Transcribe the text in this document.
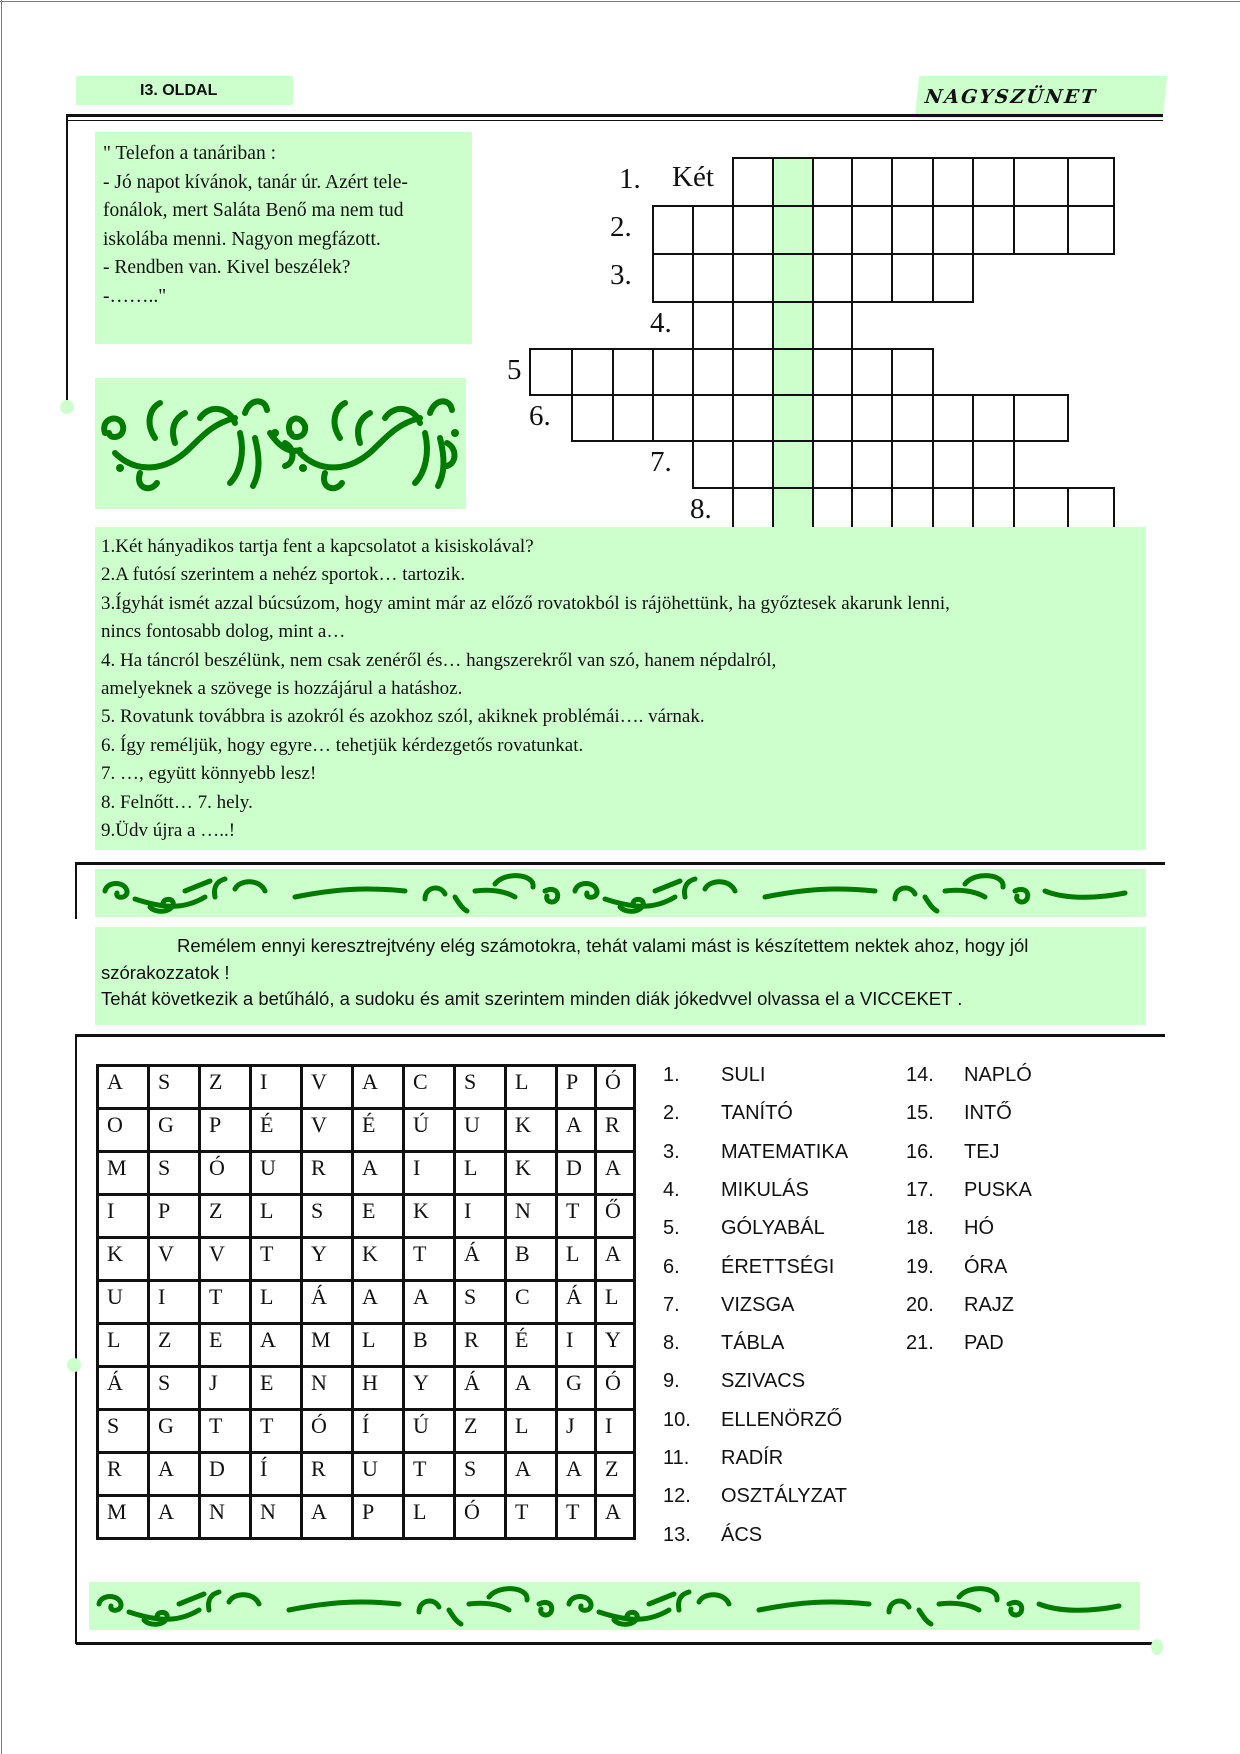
I3. OLDAL	NAGYSZÜNET
" Telefon a tanáriban :
- Jó napot kívánok, tanár úr. Azért tele-
fonálok, mert Saláta Benő ma nem tud
iskolába menni. Nagyon megfázott.
- Rendben van. Kivel beszélek?
-…….."
Két
1.
2.
3.
4.
5
6.
7.
8.
1.Két hányadikos tartja fent a kapcsolatot a kisiskolával?
2.A futósí szerintem a nehéz sportok… tartozik.
3.Ígyhát ismét azzal búcsúzom, hogy amint már az előző rovatokból is rájöhettünk, ha győztesek akarunk lenni,
nincs fontosabb dolog, mint a…
4. Ha táncról beszélünk, nem csak zenéről és… hangszerekről van szó, hanem népdalról,
amelyeknek a szövege is hozzájárul a hatáshoz.
5. Rovatunk továbbra is azokról és azokhoz szól, akiknek problémái…. várnak.
6. Így reméljük, hogy egyre… tehetjük kérdezgetős rovatunkat.
7. …, együtt könnyebb lesz!
8. Felnőtt… 7. hely.
9.Üdv újra a …..!
Remélem ennyi keresztrejtvény elég számotokra, tehát valami mást is készítettem nektek ahoz, hogy jól
szórakozzatok !
Tehát következik a betűháló, a sudoku és amit szerintem minden diák jókedvvel olvassa el a VICCEKET .
A	S	Z	I	V	A	C	S	L	P	Ó
O	G	P	É	V	É	Ú	U	K	A	R
M	S	Ó	U	R	A	I	L	K	D	A
I	P	Z	L	S	E	K	I	N	T	Ő
K	V	V	T	Y	K	T	Á	B	L	A
U	I	T	L	Á	A	A	S	C	Á	L
L	Z	E	A	M	L	B	R	É	I	Y
Á	S	J	E	N	H	Y	Á	A	G	Ó
S	G	T	T	Ó	Í	Ú	Z	L	J	I
R	A	D	Í	R	U	T	S	A	A	Z
M	A	N	N	A	P	L	Ó	T	T	A
1. SULI
2. TANÍTÓ
3. MATEMATIKA
4. MIKULÁS
5. GÓLYABÁL
6. ÉRETTSÉGI
7. VIZSGA
8. TÁBLA
9. SZIVACS
10. ELLENÖRZŐ
11. RADÍR
12. OSZTÁLYZAT
13. ÁCS
14. NAPLÓ
15. INTŐ
16. TEJ
17. PUSKA
18. HÓ
19. ÓRA
20. RAJZ
21. PAD
